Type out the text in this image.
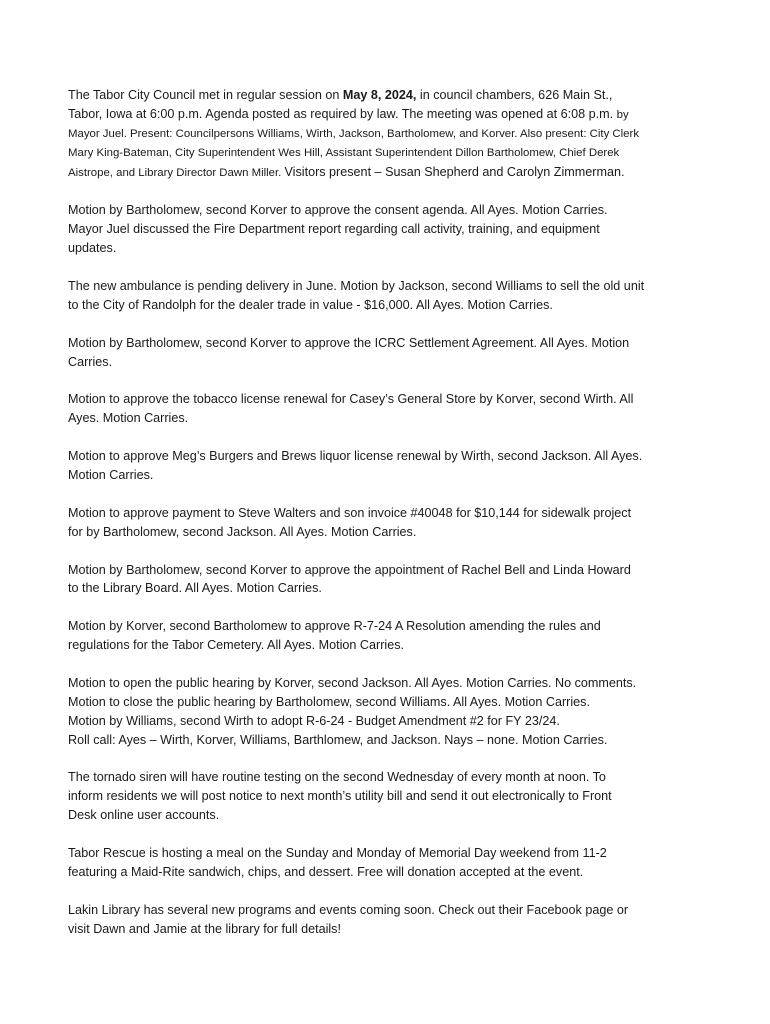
The Tabor City Council met in regular session on May 8, 2024, in council chambers, 626 Main St.,
Tabor, Iowa at 6:00 p.m. Agenda posted as required by law. The meeting was opened at 6:08 p.m. by
Mayor Juel. Present: Councilpersons Williams, Wirth, Jackson, Bartholomew, and Korver. Also present: City Clerk
Mary King-Bateman, City Superintendent Wes Hill, Assistant Superintendent Dillon Bartholomew, Chief Derek
Aistrope, and Library Director Dawn Miller. Visitors present – Susan Shepherd and Carolyn Zimmerman.

Motion by Bartholomew, second Korver to approve the consent agenda. All Ayes. Motion Carries.
Mayor Juel discussed the Fire Department report regarding call activity, training, and equipment
updates.

The new ambulance is pending delivery in June. Motion by Jackson, second Williams to sell the old unit
to the City of Randolph for the dealer trade in value - $16,000. All Ayes. Motion Carries.

Motion by Bartholomew, second Korver to approve the ICRC Settlement Agreement. All Ayes. Motion
Carries.

Motion to approve the tobacco license renewal for Casey’s General Store by Korver, second Wirth. All
Ayes. Motion Carries.

Motion to approve Meg’s Burgers and Brews liquor license renewal by Wirth, second Jackson. All Ayes.
Motion Carries.

Motion to approve payment to Steve Walters and son invoice #40048 for $10,144 for sidewalk project
for by Bartholomew, second Jackson. All Ayes. Motion Carries.

Motion by Bartholomew, second Korver to approve the appointment of Rachel Bell and Linda Howard
to the Library Board. All Ayes. Motion Carries.

Motion by Korver, second Bartholomew to approve R-7-24 A Resolution amending the rules and
regulations for the Tabor Cemetery. All Ayes. Motion Carries.

Motion to open the public hearing by Korver, second Jackson. All Ayes. Motion Carries. No comments.
Motion to close the public hearing by Bartholomew, second Williams. All Ayes. Motion Carries.
Motion by Williams, second Wirth to adopt R-6-24 - Budget Amendment #2 for FY 23/24.
Roll call: Ayes – Wirth, Korver, Williams, Barthlomew, and Jackson. Nays – none. Motion Carries.

The tornado siren will have routine testing on the second Wednesday of every month at noon. To
inform residents we will post notice to next month’s utility bill and send it out electronically to Front
Desk online user accounts.

Tabor Rescue is hosting a meal on the Sunday and Monday of Memorial Day weekend from 11-2
featuring a Maid-Rite sandwich, chips, and dessert. Free will donation accepted at the event.

Lakin Library has several new programs and events coming soon. Check out their Facebook page or
visit Dawn and Jamie at the library for full details!
